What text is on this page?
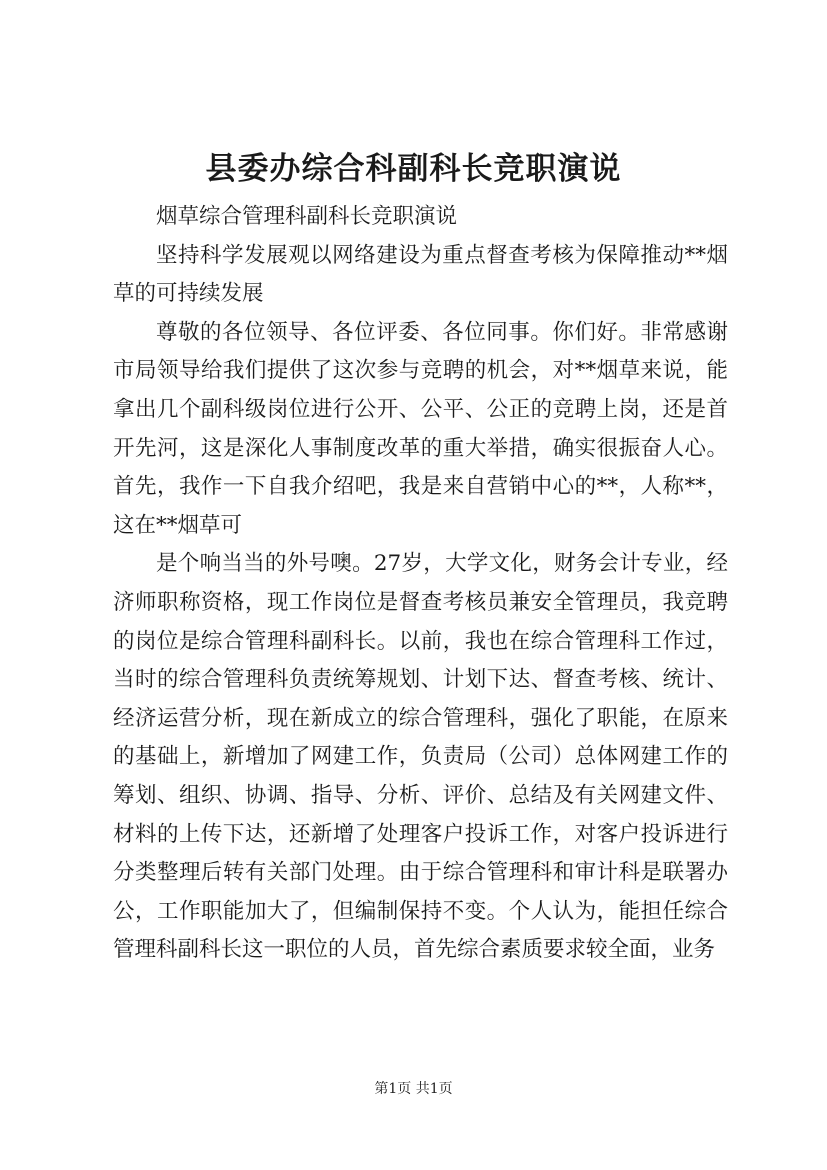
县委办综合科副科长竞职演说

烟草综合管理科副科长竞职演说

坚持科学发展观以网络建设为重点督查考核为保障推动**烟草的可持续发展

尊敬的各位领导、各位评委、各位同事。你们好。非常感谢市局领导给我们提供了这次参与竞聘的机会，对**烟草来说，能拿出几个副科级岗位进行公开、公平、公正的竞聘上岗，还是首开先河，这是深化人事制度改革的重大举措，确实很振奋人心。首先，我作一下自我介绍吧，我是来自营销中心的**，人称**，这在**烟草可

是个响当当的外号噢。27岁，大学文化，财务会计专业，经济师职称资格，现工作岗位是督查考核员兼安全管理员，我竞聘的岗位是综合管理科副科长。以前，我也在综合管理科工作过，当时的综合管理科负责统筹规划、计划下达、督查考核、统计、经济运营分析，现在新成立的综合管理科，强化了职能，在原来的基础上，新增加了网建工作，负责局（公司）总体网建工作的筹划、组织、协调、指导、分析、评价、总结及有关网建文件、材料的上传下达，还新增了处理客户投诉工作，对客户投诉进行分类整理后转有关部门处理。由于综合管理科和审计科是联署办公，工作职能加大了，但编制保持不变。个人认为，能担任综合管理科副科长这一职位的人员，首先综合素质要求较全面，业务

第1页 共1页
